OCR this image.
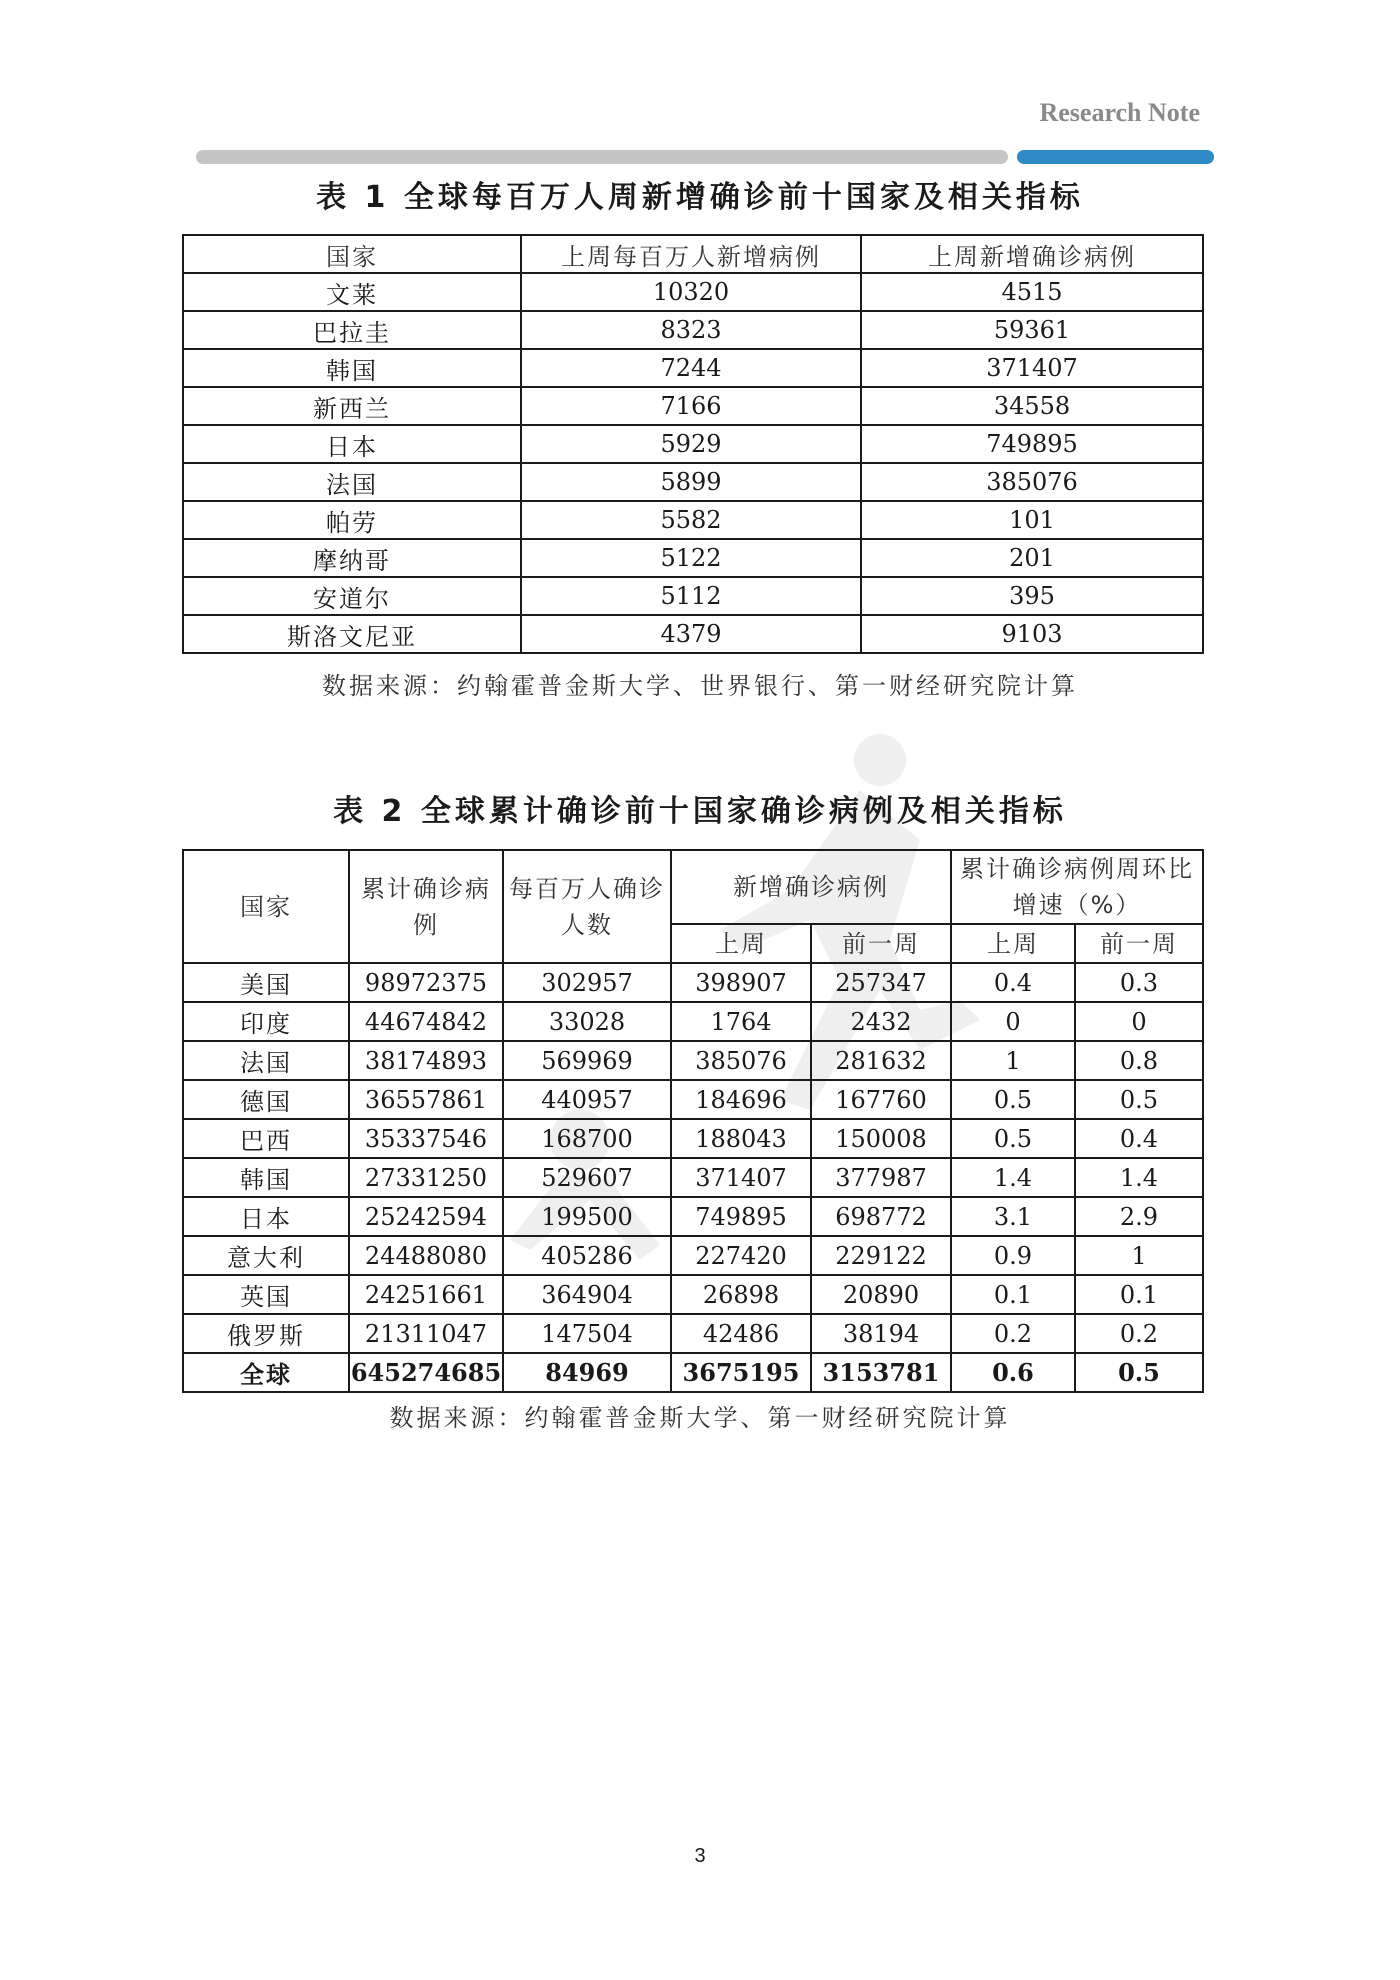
Research Note
表 1 全球每百万人周新增确诊前十国家及相关指标
国家	上周每百万人新增病例	上周新增确诊病例
文莱	10320	4515
巴拉圭	8323	59361
韩国	7244	371407
新西兰	7166	34558
日本	5929	749895
法国	5899	385076
帕劳	5582	101
摩纳哥	5122	201
安道尔	5112	395
斯洛文尼亚	4379	9103
数据来源：约翰霍普金斯大学、世界银行、第一财经研究院计算
表 2 全球累计确诊前十国家确诊病例及相关指标
国家	累计确诊病例	每百万人确诊人数	新增确诊病例		累计确诊病例周环比增速（%）	
			上周	前一周	上周	前一周
美国	98972375	302957	398907	257347	0.4	0.3
印度	44674842	33028	1764	2432	0	0
法国	38174893	569969	385076	281632	1	0.8
德国	36557861	440957	184696	167760	0.5	0.5
巴西	35337546	168700	188043	150008	0.5	0.4
韩国	27331250	529607	371407	377987	1.4	1.4
日本	25242594	199500	749895	698772	3.1	2.9
意大利	24488080	405286	227420	229122	0.9	1
英国	24251661	364904	26898	20890	0.1	0.1
俄罗斯	21311047	147504	42486	38194	0.2	0.2
全球	645274685	84969	3675195	3153781	0.6	0.5
数据来源：约翰霍普金斯大学、第一财经研究院计算
3
